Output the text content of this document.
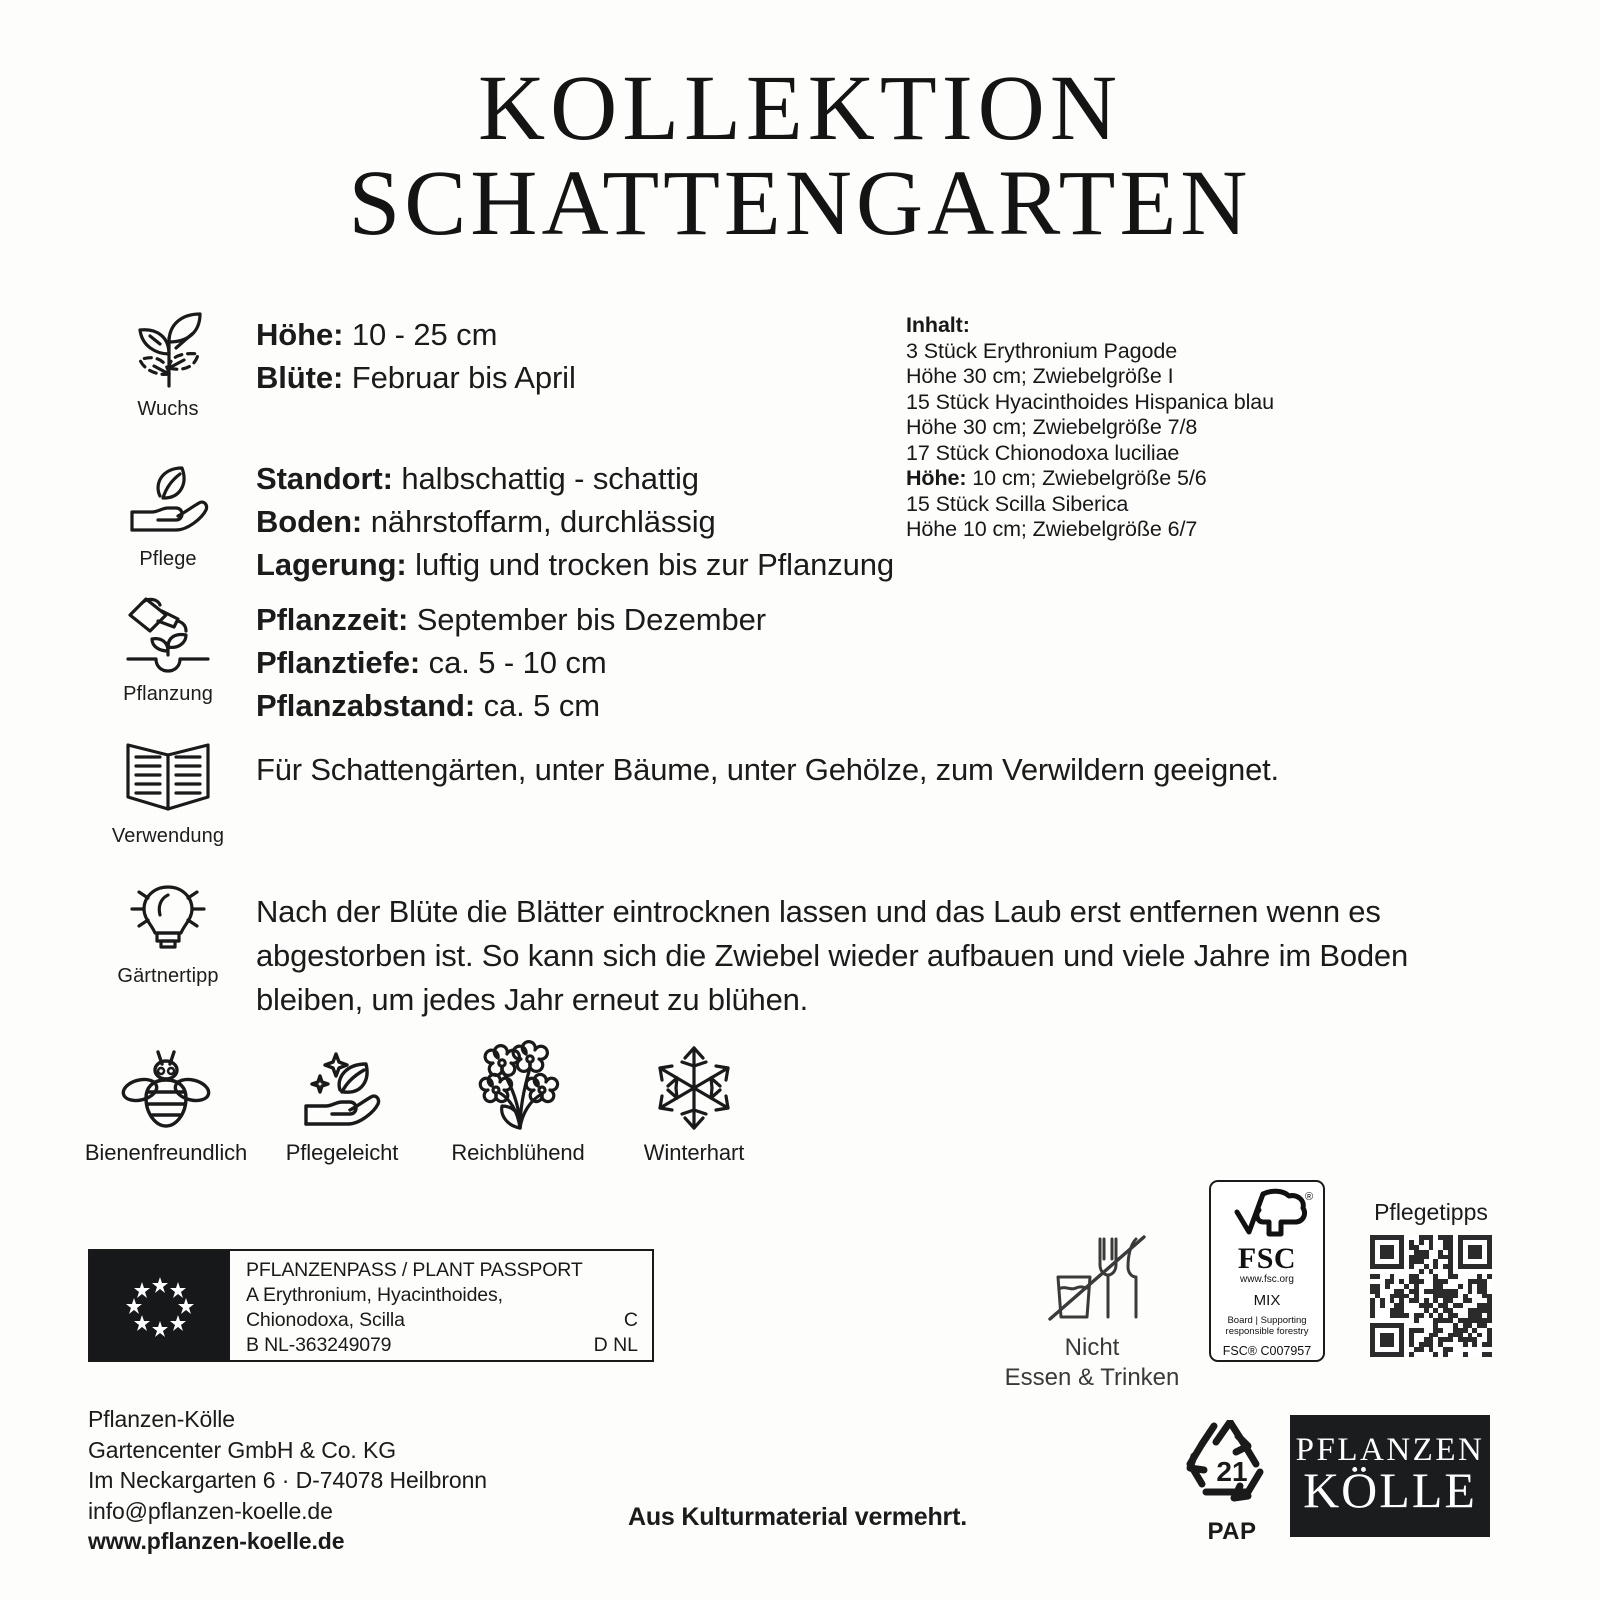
KOLLEKTION
SCHATTENGARTEN
Wuchs
Höhe: 10 - 25 cm
Blüte: Februar bis April
Inhalt:
3 Stück Erythronium Pagode
Höhe 30 cm; Zwiebelgröße I
15 Stück Hyacinthoides Hispanica blau
Höhe 30 cm; Zwiebelgröße 7/8
17 Stück Chionodoxa luciliae
Höhe: 10 cm; Zwiebelgröße 5/6
15 Stück Scilla Siberica
Höhe 10 cm; Zwiebelgröße 6/7
Pflege
Standort: halbschattig - schattig
Boden: nährstoffarm, durchlässig
Lagerung: luftig und trocken bis zur Pflanzung
Pflanzung
Pflanzzeit: September bis Dezember
Pflanztiefe: ca. 5 - 10 cm
Pflanzabstand: ca. 5 cm
Verwendung
Für Schattengärten, unter Bäume, unter Gehölze, zum Verwildern geeignet.
Gärtnertipp
Nach der Blüte die Blätter eintrocknen lassen und das Laub erst entfernen wenn es abgestorben ist. So kann sich die Zwiebel wieder aufbauen und viele Jahre im Boden bleiben, um jedes Jahr erneut zu blühen.
Bienenfreundlich	Pflegeleicht	Reichblühend	Winterhart
PFLANZENPASS / PLANT PASSPORT
A Erythronium, Hyacinthoides,
Chionodoxa, Scilla
B NL-363249079
C
D NL
Pflanzen-Kölle
Gartencenter GmbH & Co. KG
Im Neckargarten 6 · D-74078 Heilbronn
info@pflanzen-koelle.de
www.pflanzen-koelle.de
Aus Kulturmaterial vermehrt.
Nicht
Essen & Trinken
®
FSC
www.fsc.org
MIX
Board | Supporting
responsible forestry
FSC® C007957
Pflegetipps
21
PAP
PFLANZEN
KÖLLE
